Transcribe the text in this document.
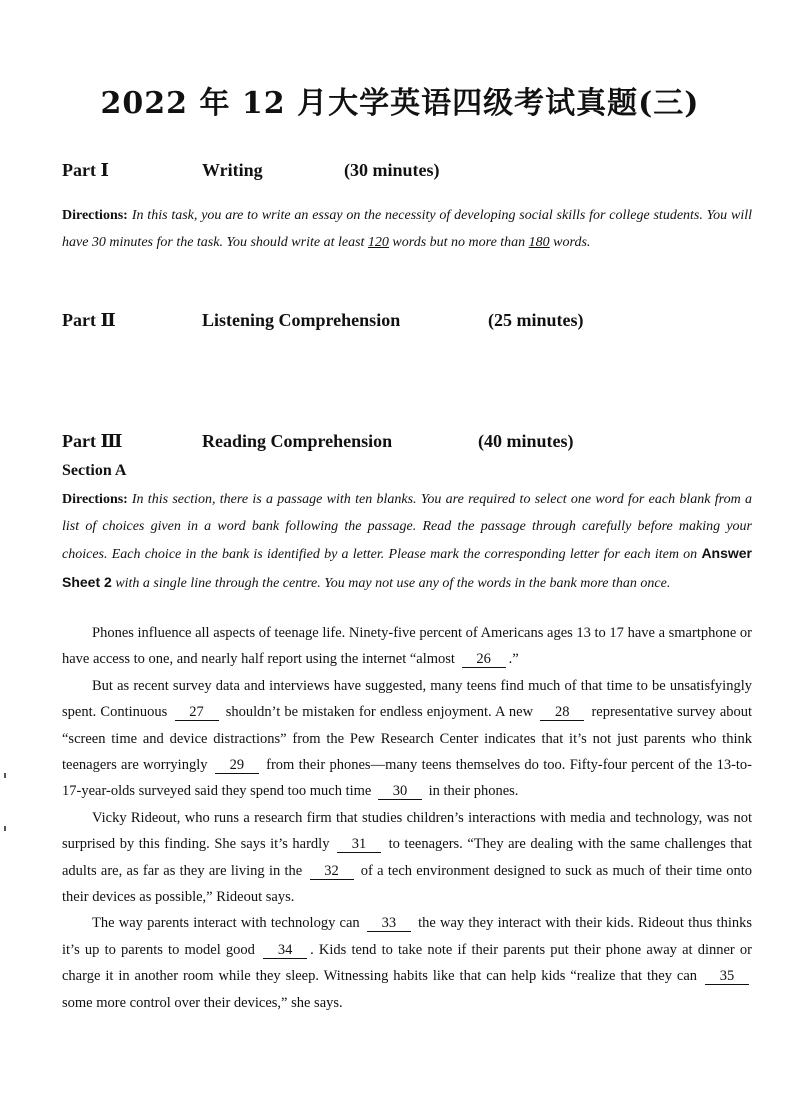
2022 年 12 月大学英语四级考试真题(三)
Part Ⅰ	Writing	(30 minutes)

Directions: In this task, you are to write an essay on the necessity of developing social skills for college students. You will have 30 minutes for the task. You should write at least 120 words but no more than 180 words.

Part Ⅱ	Listening Comprehension	(25 minutes)
Part Ⅲ	Reading Comprehension	(40 minutes)
Section A

Directions: In this section, there is a passage with ten blanks. You are required to select one word for each blank from a list of choices given in a word bank following the passage. Read the passage through carefully before making your choices. Each choice in the bank is identified by a letter. Please mark the corresponding letter for each item on Answer Sheet 2 with a single line through the centre. You may not use any of the words in the bank more than once.

Phones influence all aspects of teenage life. Ninety-five percent of Americans ages 13 to 17 have a smartphone or have access to one, and nearly half report using the internet “almost 26 .”

But as recent survey data and interviews have suggested, many teens find much of that time to be unsatisfyingly spent. Continuous 27 shouldn’t be mistaken for endless enjoyment. A new 28 representative survey about “screen time and device distractions” from the Pew Research Center indicates that it’s not just parents who think teenagers are worryingly 29 from their phones—many teens themselves do too. Fifty-four percent of the 13-to-17-year-olds surveyed said they spend too much time 30 in their phones.

Vicky Rideout, who runs a research firm that studies children’s interactions with media and technology, was not surprised by this finding. She says it’s hardly 31 to teenagers. “They are dealing with the same challenges that adults are, as far as they are living in the 32 of a tech environment designed to suck as much of their time onto their devices as possible,” Rideout says.

The way parents interact with technology can 33 the way they interact with their kids. Rideout thus thinks it’s up to parents to model good 34 . Kids tend to take note if their parents put their phone away at dinner or charge it in another room while they sleep. Witnessing habits like that can help kids “realize that they can 35 some more control over their devices,” she says.
